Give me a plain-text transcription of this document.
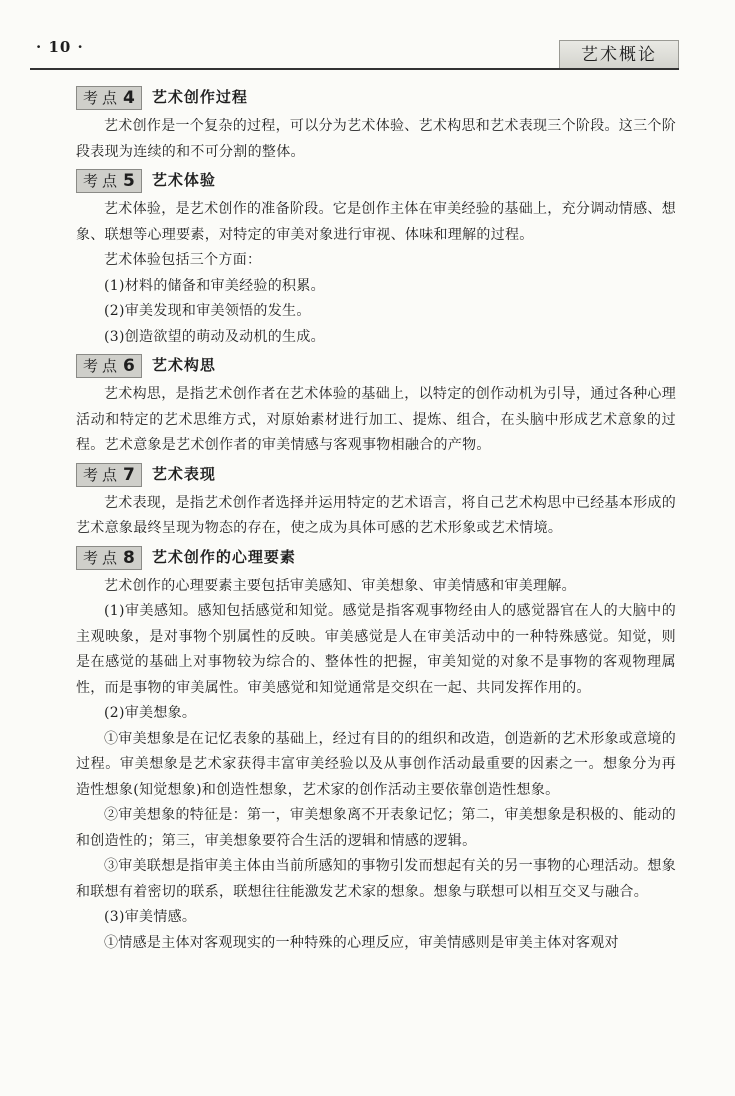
· 10 ·	艺术概论
考点 4	艺术创作过程

艺术创作是一个复杂的过程，可以分为艺术体验、艺术构思和艺术表现三个阶段。这三个阶段表现为连续的和不可分割的整体。

考点 5	艺术体验

艺术体验，是艺术创作的准备阶段。它是创作主体在审美经验的基础上，充分调动情感、想象、联想等心理要素，对特定的审美对象进行审视、体味和理解的过程。

艺术体验包括三个方面：

(1)材料的储备和审美经验的积累。

(2)审美发现和审美领悟的发生。

(3)创造欲望的萌动及动机的生成。

考点 6	艺术构思

艺术构思，是指艺术创作者在艺术体验的基础上，以特定的创作动机为引导，通过各种心理活动和特定的艺术思维方式，对原始素材进行加工、提炼、组合，在头脑中形成艺术意象的过程。艺术意象是艺术创作者的审美情感与客观事物相融合的产物。

考点 7	艺术表现

艺术表现，是指艺术创作者选择并运用特定的艺术语言，将自己艺术构思中已经基本形成的艺术意象最终呈现为物态的存在，使之成为具体可感的艺术形象或艺术情境。

考点 8	艺术创作的心理要素

艺术创作的心理要素主要包括审美感知、审美想象、审美情感和审美理解。

(1)审美感知。感知包括感觉和知觉。感觉是指客观事物经由人的感觉器官在人的大脑中的主观映象，是对事物个别属性的反映。审美感觉是人在审美活动中的一种特殊感觉。知觉，则是在感觉的基础上对事物较为综合的、整体性的把握，审美知觉的对象不是事物的客观物理属性，而是事物的审美属性。审美感觉和知觉通常是交织在一起、共同发挥作用的。

(2)审美想象。

①审美想象是在记忆表象的基础上，经过有目的的组织和改造，创造新的艺术形象或意境的过程。审美想象是艺术家获得丰富审美经验以及从事创作活动最重要的因素之一。想象分为再造性想象(知觉想象)和创造性想象，艺术家的创作活动主要依靠创造性想象。

②审美想象的特征是：第一，审美想象离不开表象记忆；第二，审美想象是积极的、能动的和创造性的；第三，审美想象要符合生活的逻辑和情感的逻辑。

③审美联想是指审美主体由当前所感知的事物引发而想起有关的另一事物的心理活动。想象和联想有着密切的联系，联想往往能激发艺术家的想象。想象与联想可以相互交叉与融合。

(3)审美情感。

①情感是主体对客观现实的一种特殊的心理反应，审美情感则是审美主体对客观对
